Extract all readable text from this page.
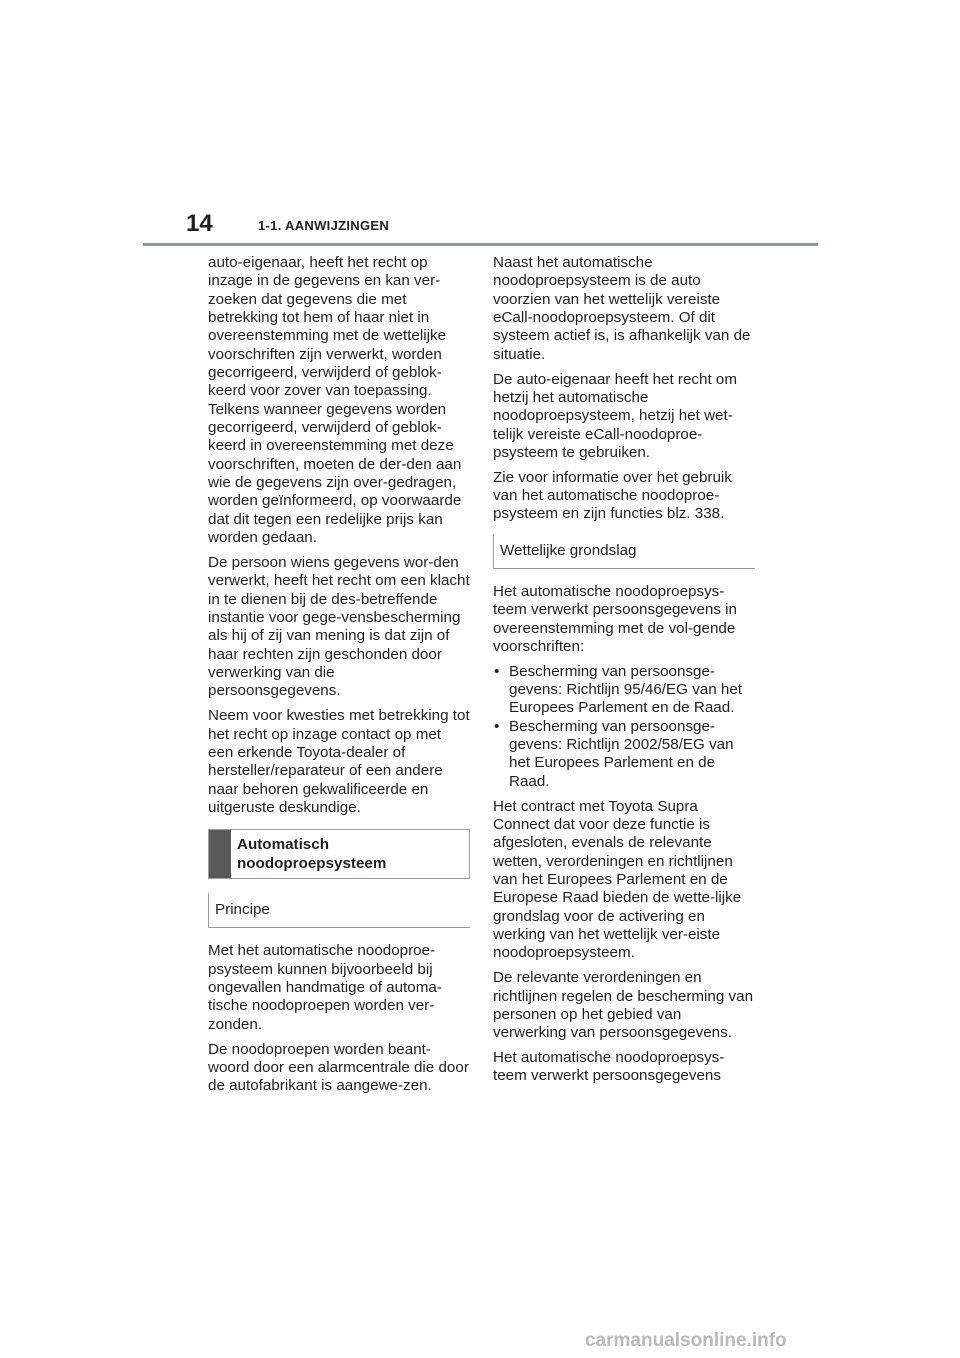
14	1-1. AANWIJZINGEN

auto-eigenaar, heeft het recht op inzage in de gegevens en kan ver-zoeken dat gegevens die met betrekking tot hem of haar niet in overeenstemming met de wettelijke voorschriften zijn verwerkt, worden gecorrigeerd, verwijderd of geblok-keerd voor zover van toepassing. Telkens wanneer gegevens worden gecorrigeerd, verwijderd of geblok-keerd in overeenstemming met deze voorschriften, moeten de der-den aan wie de gegevens zijn over-gedragen, worden geïnformeerd, op voorwaarde dat dit tegen een redelijke prijs kan worden gedaan.

De persoon wiens gegevens wor-den verwerkt, heeft het recht om een klacht in te dienen bij de des-betreffende instantie voor gege-vensbescherming als hij of zij van mening is dat zijn of haar rechten zijn geschonden door verwerking van die persoonsgegevens.

Neem voor kwesties met betrekking tot het recht op inzage contact op met een erkende Toyota-dealer of hersteller/reparateur of een andere naar behoren gekwalificeerde en uitgeruste deskundige.

Automatisch noodoproepsysteem
Principe

Met het automatische noodoproe-psysteem kunnen bijvoorbeeld bij ongevallen handmatige of automa-tische noodoproepen worden ver-zonden.

De noodoproepen worden beant-woord door een alarmcentrale die door de autofabrikant is aangewe-zen.

Naast het automatische noodoproepsysteem is de auto voorzien van het wettelijk vereiste eCall-noodoproepsysteem. Of dit systeem actief is, is afhankelijk van de situatie.

De auto-eigenaar heeft het recht om hetzij het automatische noodoproepsysteem, hetzij het wet-telijk vereiste eCall-noodoproe-psysteem te gebruiken.

Zie voor informatie over het gebruik van het automatische noodoproe-psysteem en zijn functies blz. 338.

Wettelijke grondslag

Het automatische noodoproepsys-teem verwerkt persoonsgegevens in overeenstemming met de vol-gende voorschriften:

• Bescherming van persoonsge-gevens: Richtlijn 95/46/EG van het Europees Parlement en de Raad.
• Bescherming van persoonsge-gevens: Richtlijn 2002/58/EG van het Europees Parlement en de Raad.

Het contract met Toyota Supra Connect dat voor deze functie is afgesloten, evenals de relevante wetten, verordeningen en richtlijnen van het Europees Parlement en de Europese Raad bieden de wette-lijke grondslag voor de activering en werking van het wettelijk ver-eiste noodoproepsysteem.

De relevante verordeningen en richtlijnen regelen de bescherming van personen op het gebied van verwerking van persoonsgegevens.

Het automatische noodoproepsys-teem verwerkt persoonsgegevens

carmanualsonline.info
